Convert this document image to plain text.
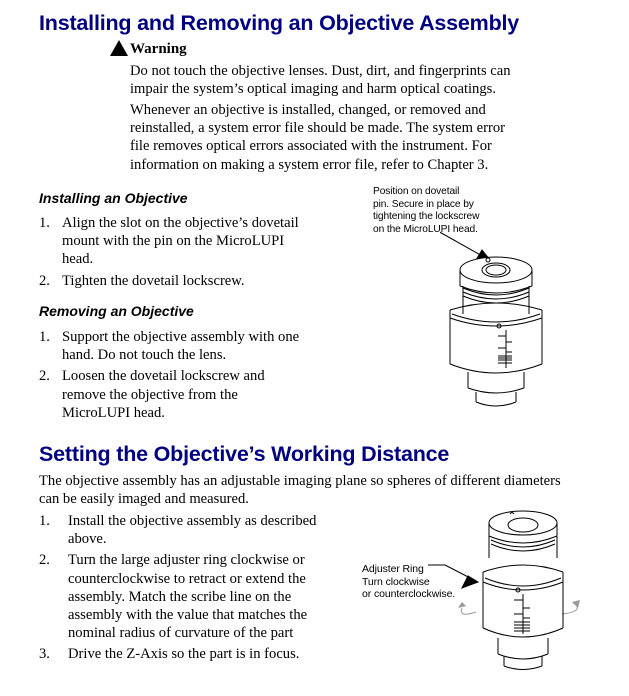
Installing and Removing an Objective Assembly
Warning
Do not touch the objective lenses. Dust, dirt, and fingerprints can
impair the system’s optical imaging and harm optical coatings.
Whenever an objective is installed, changed, or removed and
reinstalled, a system error file should be made. The system error
file removes optical errors associated with the instrument. For
information on making a system error file, refer to Chapter 3.
Installing an Objective
1. Align the slot on the objective’s dovetail
mount with the pin on the MicroLUPI
head.
2. Tighten the dovetail lockscrew.
Removing an Objective
1. Support the objective assembly with one
hand. Do not touch the lens.
2. Loosen the dovetail lockscrew and
remove the objective from the
MicroLUPI head.
Position on dovetail
pin. Secure in place by
tightening the lockscrew
on the MicroLUPI head.
Setting the Objective’s Working Distance
The objective assembly has an adjustable imaging plane so spheres of different diameters
can be easily imaged and measured.
1. Install the objective assembly as described
above.
2. Turn the large adjuster ring clockwise or
counterclockwise to retract or extend the
assembly. Match the scribe line on the
assembly with the value that matches the
nominal radius of curvature of the part
3. Drive the Z-Axis so the part is in focus.
Adjuster Ring
Turn clockwise
or counterclockwise.
